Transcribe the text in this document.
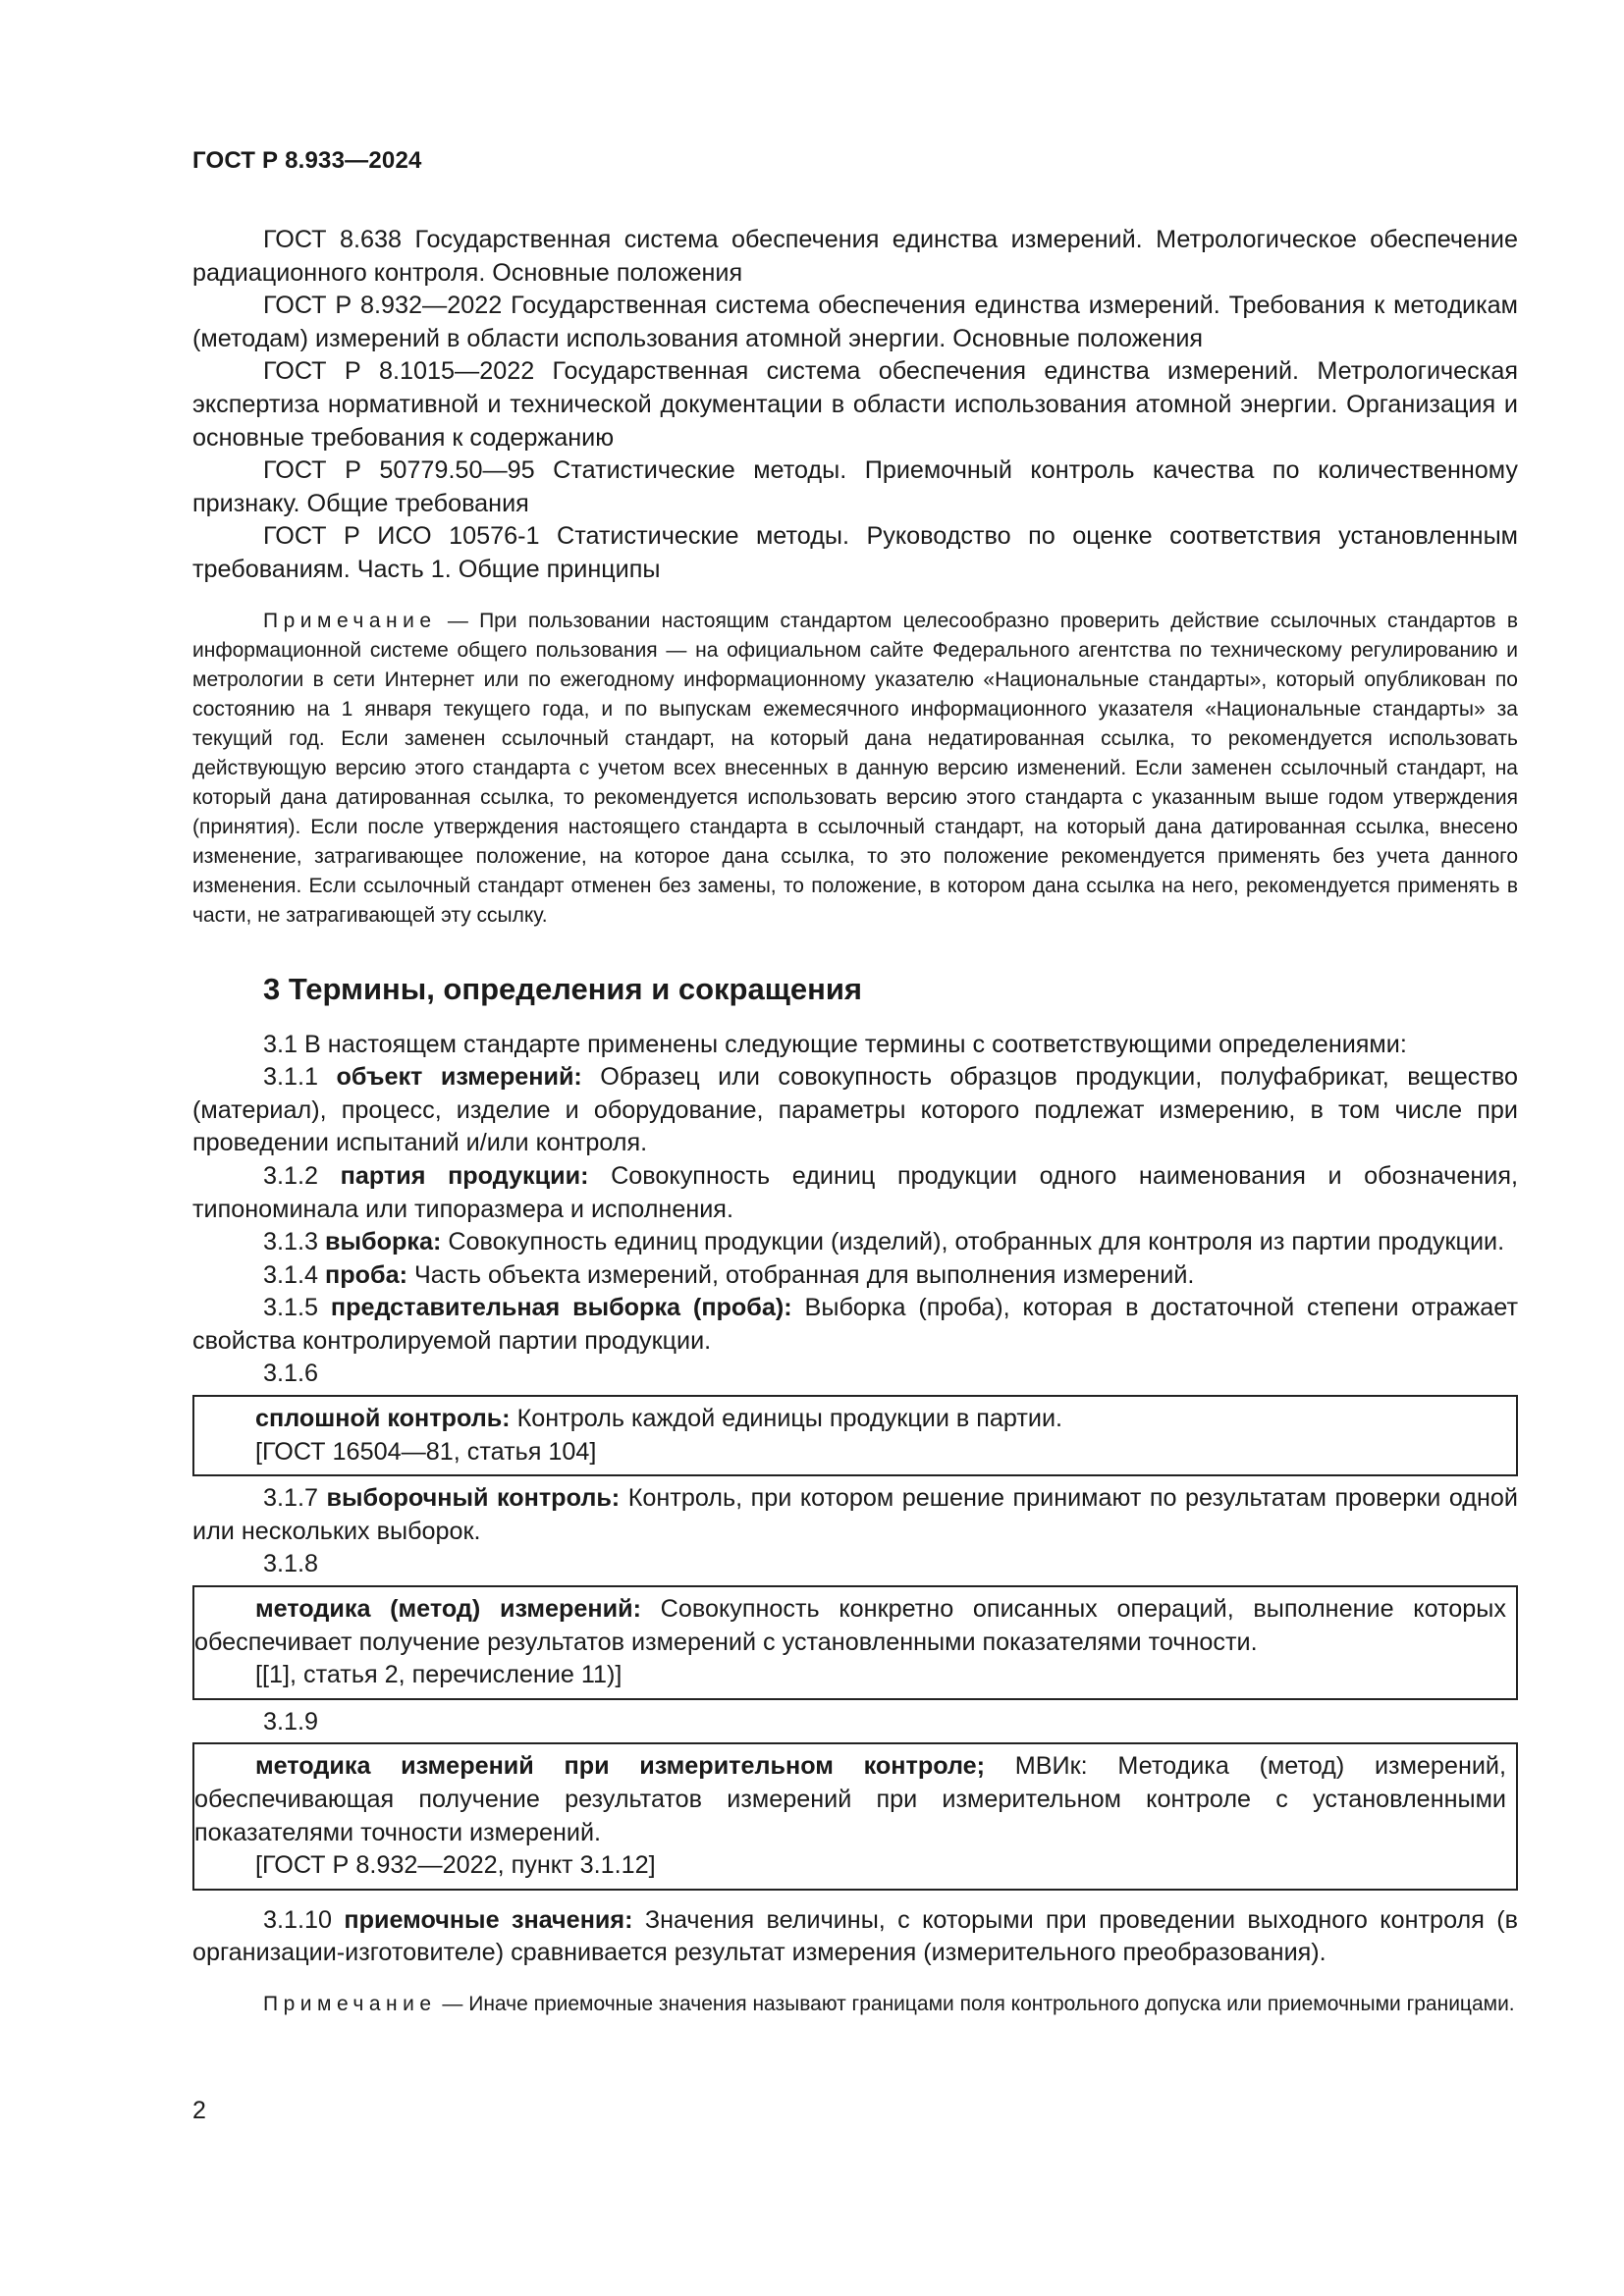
ГОСТ Р 8.933—2024

ГОСТ 8.638 Государственная система обеспечения единства измерений. Метрологическое обеспечение радиационного контроля. Основные положения

ГОСТ Р 8.932—2022 Государственная система обеспечения единства измерений. Требования к методикам (методам) измерений в области использования атомной энергии. Основные положения

ГОСТ Р 8.1015—2022 Государственная система обеспечения единства измерений. Метрологическая экспертиза нормативной и технической документации в области использования атомной энергии. Организация и основные требования к содержанию

ГОСТ Р 50779.50—95 Статистические методы. Приемочный контроль качества по количественному признаку. Общие требования

ГОСТ Р ИСО 10576-1 Статистические методы. Руководство по оценке соответствия установленным требованиям. Часть 1. Общие принципы

Примечание — При пользовании настоящим стандартом целесообразно проверить действие ссылочных стандартов в информационной системе общего пользования — на официальном сайте Федерального агентства по техническому регулированию и метрологии в сети Интернет или по ежегодному информационному указателю «Национальные стандарты», который опубликован по состоянию на 1 января текущего года, и по выпускам ежемесячного информационного указателя «Национальные стандарты» за текущий год. Если заменен ссылочный стандарт, на который дана недатированная ссылка, то рекомендуется использовать действующую версию этого стандарта с учетом всех внесенных в данную версию изменений. Если заменен ссылочный стандарт, на который дана датированная ссылка, то рекомендуется использовать версию этого стандарта с указанным выше годом утверждения (принятия). Если после утверждения настоящего стандарта в ссылочный стандарт, на который дана датированная ссылка, внесено изменение, затрагивающее положение, на которое дана ссылка, то это положение рекомендуется применять без учета данного изменения. Если ссылочный стандарт отменен без замены, то положение, в котором дана ссылка на него, рекомендуется применять в части, не затрагивающей эту ссылку.

3 Термины, определения и сокращения

3.1 В настоящем стандарте применены следующие термины с соответствующими определениями:

3.1.1 объект измерений: Образец или совокупность образцов продукции, полуфабрикат, вещество (материал), процесс, изделие и оборудование, параметры которого подлежат измерению, в том числе при проведении испытаний и/или контроля.

3.1.2 партия продукции: Совокупность единиц продукции одного наименования и обозначения, типономинала или типоразмера и исполнения.

3.1.3 выборка: Совокупность единиц продукции (изделий), отобранных для контроля из партии продукции.

3.1.4 проба: Часть объекта измерений, отобранная для выполнения измерений.

3.1.5 представительная выборка (проба): Выборка (проба), которая в достаточной степени отражает свойства контролируемой партии продукции.

3.1.6

сплошной контроль: Контроль каждой единицы продукции в партии.

[ГОСТ 16504—81, статья 104]

3.1.7 выборочный контроль: Контроль, при котором решение принимают по результатам проверки одной или нескольких выборок.

3.1.8

методика (метод) измерений: Совокупность конкретно описанных операций, выполнение которых обеспечивает получение результатов измерений с установленными показателями точности.

[[1], статья 2, перечисление 11)]

3.1.9

методика измерений при измерительном контроле; МВИк: Методика (метод) измерений, обеспечивающая получение результатов измерений при измерительном контроле с установленными показателями точности измерений.

[ГОСТ Р 8.932—2022, пункт 3.1.12]

3.1.10 приемочные значения: Значения величины, с которыми при проведении выходного контроля (в организации-изготовителе) сравнивается результат измерения (измерительного преобразования).

Примечание — Иначе приемочные значения называют границами поля контрольного допуска или приемочными границами.

2
